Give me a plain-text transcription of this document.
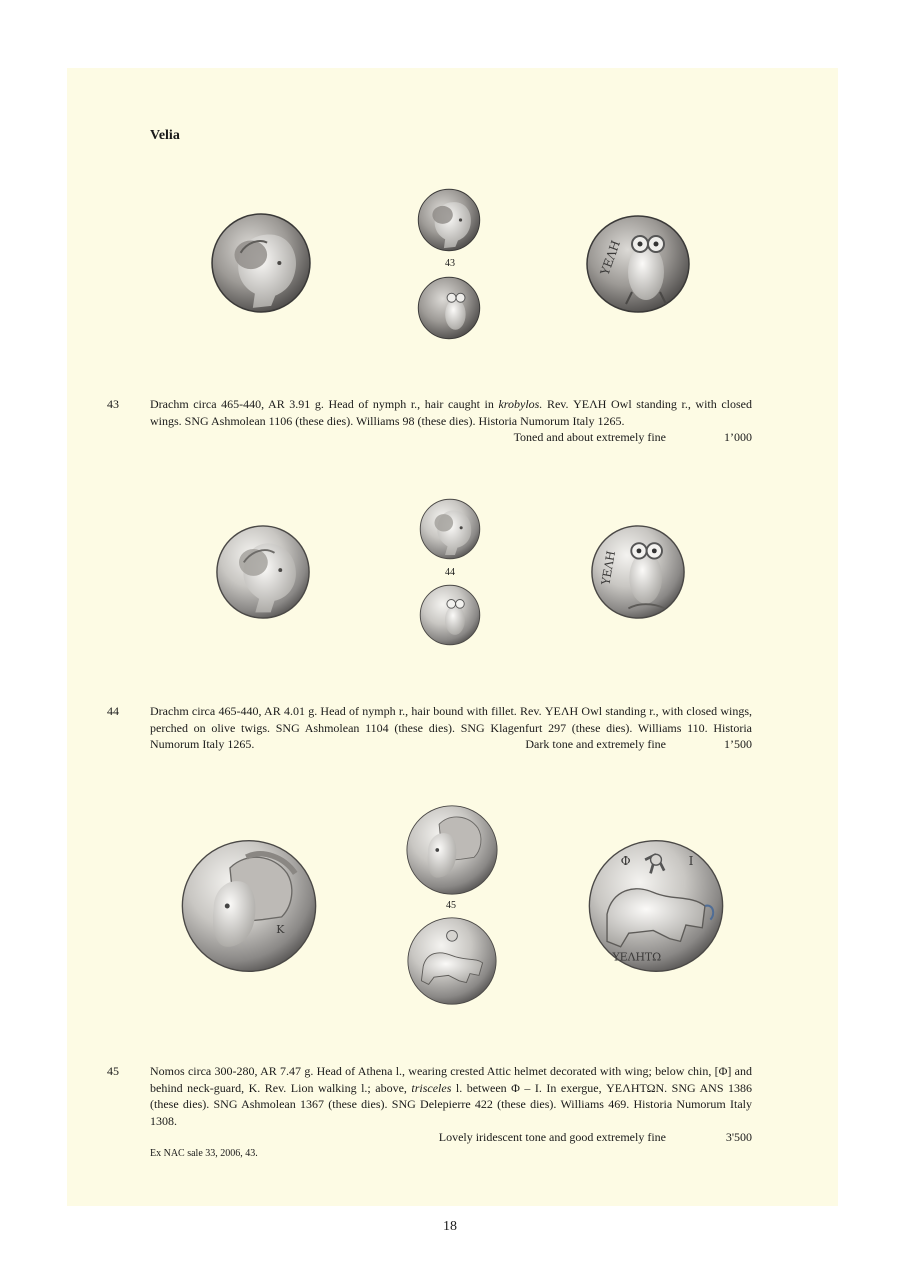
Velia
43	ΥΕΛΗ
43	Drachm circa 465-440, AR 3.91 g. Head of nymph r., hair caught in krobylos. Rev. ΥΕΛΗ Owl standing r., with closed wings. SNG Ashmolean 1106 (these dies). Williams 98 (these dies). Historia Numorum Italy 1265.

Toned and about extremely fine	1’000
44	ΥΕΛΗ
44	Drachm circa 465-440, AR 4.01 g. Head of nymph r., hair bound with fillet. Rev. ΥΕΛΗ Owl standing r., with closed wings, perched on olive twigs. SNG Ashmolean 1104 (these dies). SNG Klagenfurt 297 (these dies). Williams 110. Historia Numorum Italy 1265.	Dark tone and extremely fine	1’500
K
45
Φ	I
ΥΕΛΗΤΩ
45	Nomos circa 300-280, AR 7.47 g. Head of Athena l., wearing crested Attic helmet decorated with wing; below chin, [Φ] and behind neck-guard, K. Rev. Lion walking l.; above, trisceles l. between Φ – I. In exergue, ΥΕΛΗΤΩΝ. SNG ANS 1386 (these dies). SNG Ashmolean 1367 (these dies). SNG Delepierre 422 (these dies). Williams 469. Historia Numorum Italy 1308.

Lovely iridescent tone and good extremely fine	3'500
Ex NAC sale 33, 2006, 43.
18
